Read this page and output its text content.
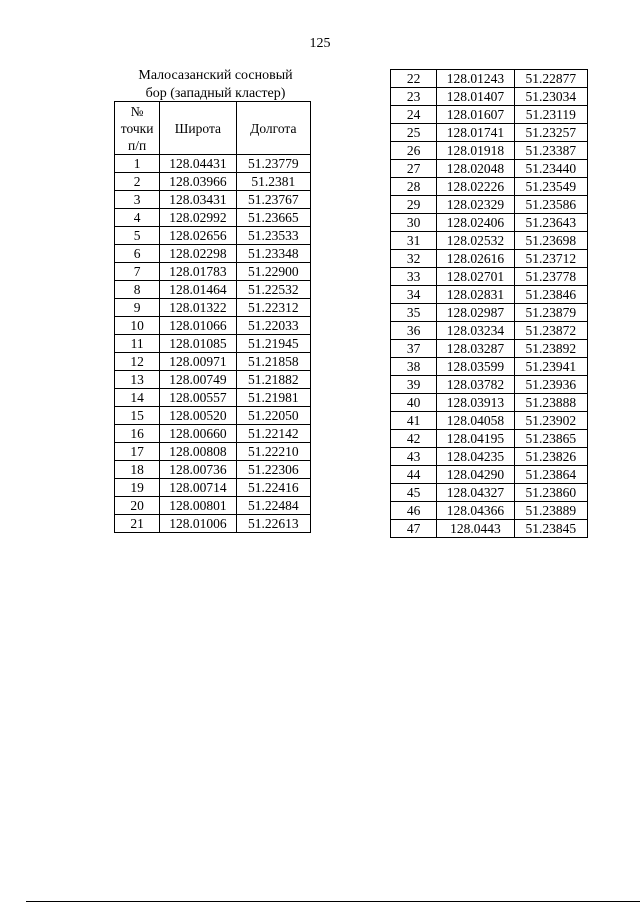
125
Малосазанский сосновый
бор (западный кластер)
№
точки
п/п	Широта	Долгота
1	128.04431	51.23779
2	128.03966	51.2381
3	128.03431	51.23767
4	128.02992	51.23665
5	128.02656	51.23533
6	128.02298	51.23348
7	128.01783	51.22900
8	128.01464	51.22532
9	128.01322	51.22312
10	128.01066	51.22033
11	128.01085	51.21945
12	128.00971	51.21858
13	128.00749	51.21882
14	128.00557	51.21981
15	128.00520	51.22050
16	128.00660	51.22142
17	128.00808	51.22210
18	128.00736	51.22306
19	128.00714	51.22416
20	128.00801	51.22484
21	128.01006	51.22613
22	128.01243	51.22877
23	128.01407	51.23034
24	128.01607	51.23119
25	128.01741	51.23257
26	128.01918	51.23387
27	128.02048	51.23440
28	128.02226	51.23549
29	128.02329	51.23586
30	128.02406	51.23643
31	128.02532	51.23698
32	128.02616	51.23712
33	128.02701	51.23778
34	128.02831	51.23846
35	128.02987	51.23879
36	128.03234	51.23872
37	128.03287	51.23892
38	128.03599	51.23941
39	128.03782	51.23936
40	128.03913	51.23888
41	128.04058	51.23902
42	128.04195	51.23865
43	128.04235	51.23826
44	128.04290	51.23864
45	128.04327	51.23860
46	128.04366	51.23889
47	128.0443	51.23845
